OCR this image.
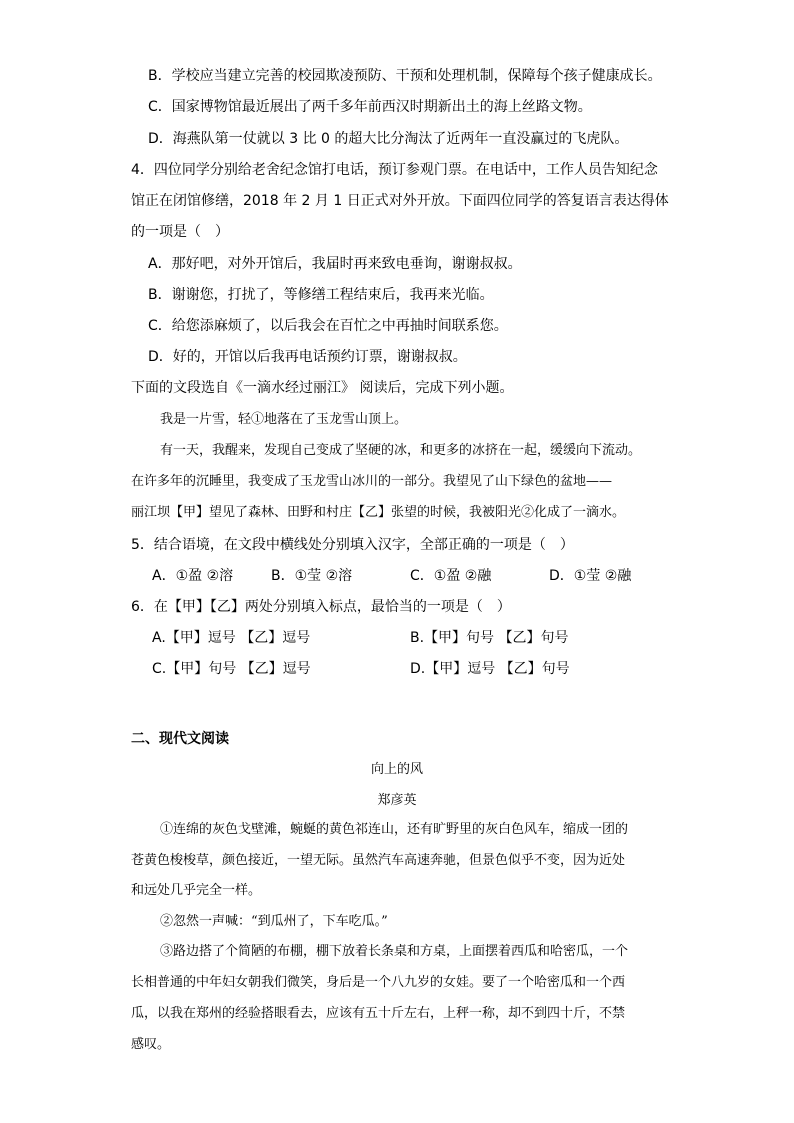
B．学校应当建立完善的校园欺凌预防、干预和处理机制，保障每个孩子健康成长。
C．国家博物馆最近展出了两千多年前西汉时期新出土的海上丝路文物。
D．海燕队第一仗就以 3 比 0 的超大比分淘汰了近两年一直没赢过的飞虎队。
4．四位同学分别给老舍纪念馆打电话，预订参观门票。在电话中，工作人员告知纪念
馆正在闭馆修缮，2018 年 2 月 1 日正式对外开放。下面四位同学的答复语言表达得体
的一项是（　）
A．那好吧，对外开馆后，我届时再来致电垂询，谢谢叔叔。
B．谢谢您，打扰了，等修缮工程结束后，我再来光临。
C．给您添麻烦了，以后我会在百忙之中再抽时间联系您。
D．好的，开馆以后我再电话预约订票，谢谢叔叔。
下面的文段选自《一滴水经过丽江》 阅读后，完成下列小题。
我是一片雪，轻①地落在了玉龙雪山顶上。
有一天，我醒来，发现自己变成了坚硬的冰，和更多的冰挤在一起，缓缓向下流动。
在许多年的沉睡里，我变成了玉龙雪山冰川的一部分。我望见了山下绿色的盆地——
丽江坝【甲】望见了森林、田野和村庄【乙】张望的时候，我被阳光②化成了一滴水。
5．结合语境，在文段中横线处分别填入汉字，全部正确的一项是（　）
A．①盈 ②溶	B．①莹 ②溶	C．①盈 ②融	D．①莹 ②融
6．在【甲】【乙】两处分别填入标点，最恰当的一项是（　）
A.【甲】逗号 【乙】逗号	B.【甲】句号 【乙】句号
C.【甲】句号 【乙】逗号	D.【甲】逗号 【乙】句号
二、现代文阅读
向上的风
郑彦英
①连绵的灰色戈壁滩，蜿蜒的黄色祁连山，还有旷野里的灰白色风车，缩成一团的
苍黄色梭梭草，颜色接近，一望无际。虽然汽车高速奔驰，但景色似乎不变，因为近处
和远处几乎完全一样。
②忽然一声喊：“到瓜州了，下车吃瓜。”
③路边搭了个简陋的布棚，棚下放着长条桌和方桌，上面摆着西瓜和哈密瓜，一个
长相普通的中年妇女朝我们微笑，身后是一个八九岁的女娃。要了一个哈密瓜和一个西
瓜，以我在郑州的经验搭眼看去，应该有五十斤左右，上秤一称，却不到四十斤，不禁
感叹。
